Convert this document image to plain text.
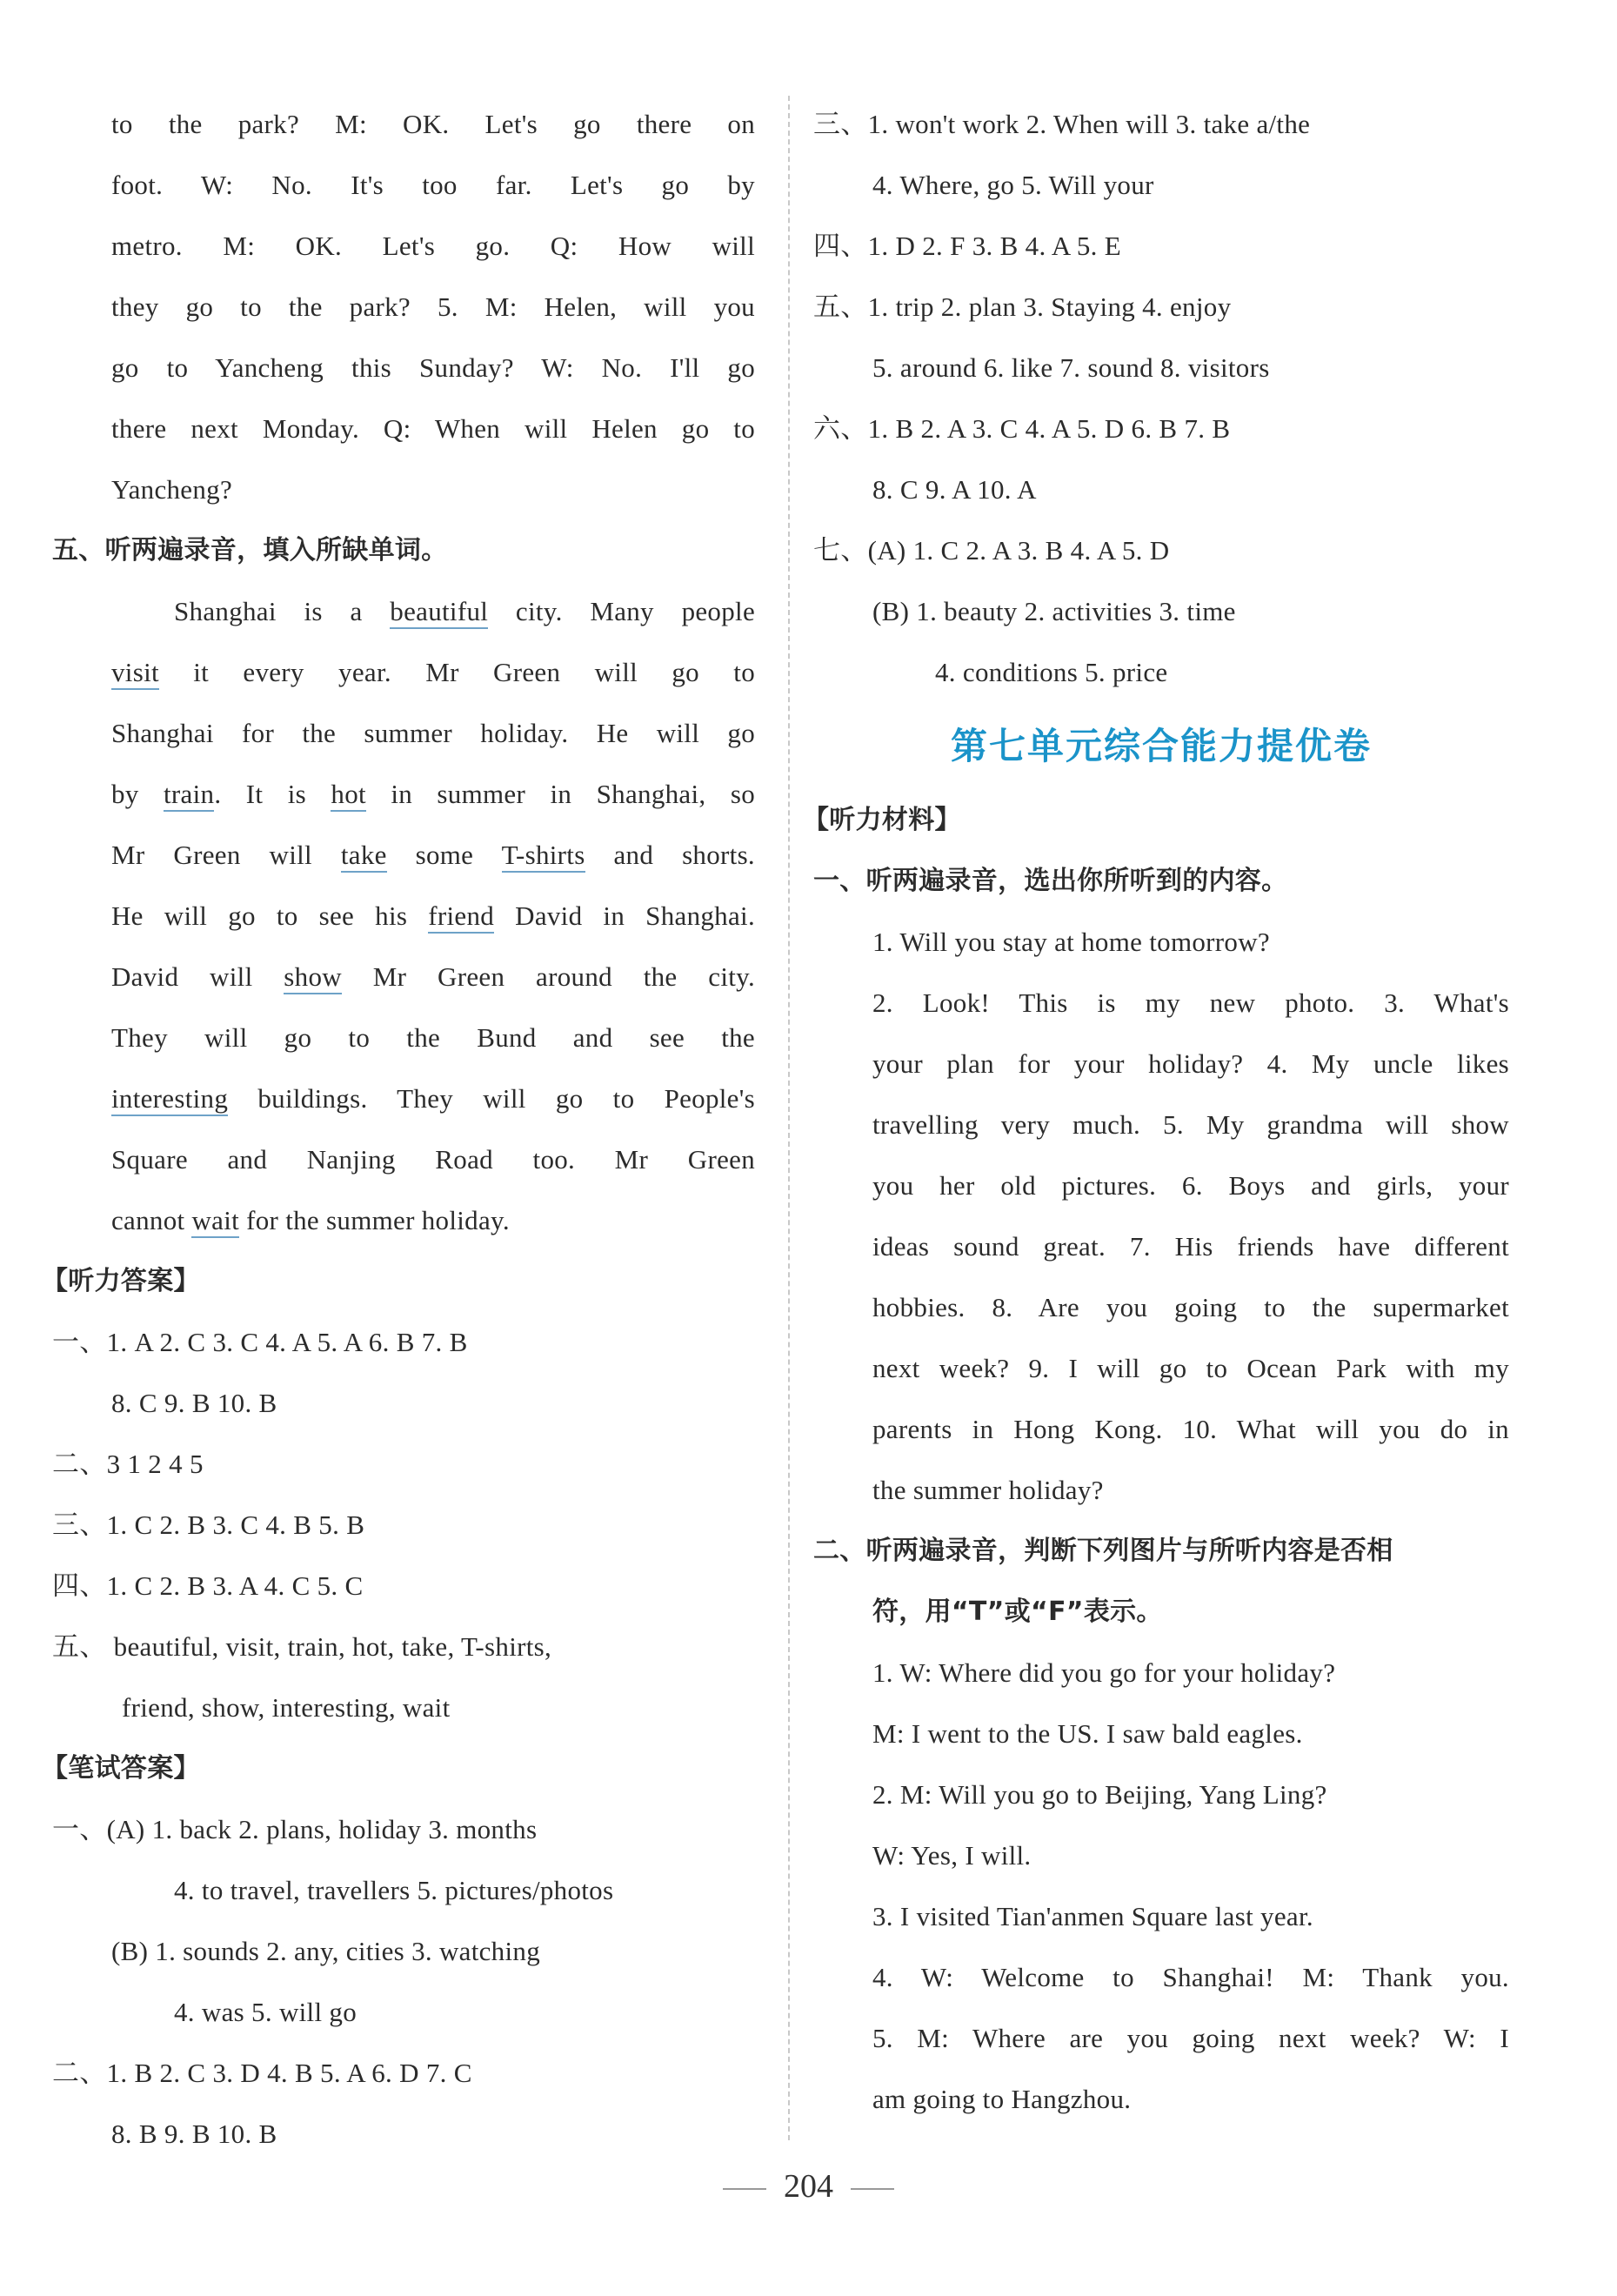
to the park? M: OK. Let's go there on
foot. W: No. It's too far. Let's go by
metro. M: OK. Let's go. Q: How will
they go to the park? 5. M: Helen, will you
go to Yancheng this Sunday? W: No. I'll go
there next Monday. Q: When will Helen go to
Yancheng?
五、听两遍录音，填入所缺单词。
Shanghai is a beautiful city. Many people
visit it every year. Mr Green will go to
Shanghai for the summer holiday. He will go
by train. It is hot in summer in Shanghai, so
Mr Green will take some T-shirts and shorts.
He will go to see his friend David in Shanghai.
David will show Mr Green around the city.
They will go to the Bund and see the
interesting buildings. They will go to People's
Square and Nanjing Road too. Mr Green
cannot wait for the summer holiday.
【听力答案】
一、1. A 2. C 3. C 4. A 5. A 6. B 7. B
8. C 9. B 10. B
二、3 1 2 4 5
三、1. C 2. B 3. C 4. B 5. B
四、1. C 2. B 3. A 4. C 5. C
五、 beautiful, visit, train, hot, take, T-shirts,
friend, show, interesting, wait
【笔试答案】
一、(A) 1. back 2. plans, holiday 3. months
4. to travel, travellers 5. pictures/photos
(B) 1. sounds 2. any, cities 3. watching
4. was 5. will go
二、1. B 2. C 3. D 4. B 5. A 6. D 7. C
8. B 9. B 10. B
三、1. won't work 2. When will 3. take a/the
4. Where, go 5. Will your
四、1. D 2. F 3. B 4. A 5. E
五、1. trip 2. plan 3. Staying 4. enjoy
5. around 6. like 7. sound 8. visitors
六、1. B 2. A 3. C 4. A 5. D 6. B 7. B
8. C 9. A 10. A
七、(A) 1. C 2. A 3. B 4. A 5. D
(B) 1. beauty 2. activities 3. time
4. conditions 5. price
第七单元综合能力提优卷
【听力材料】
一、听两遍录音，选出你所听到的内容。
1. Will you stay at home tomorrow?
2. Look! This is my new photo. 3. What's
your plan for your holiday? 4. My uncle likes
travelling very much. 5. My grandma will show
you her old pictures. 6. Boys and girls, your
ideas sound great. 7. His friends have different
hobbies. 8. Are you going to the supermarket
next week? 9. I will go to Ocean Park with my
parents in Hong Kong. 10. What will you do in
the summer holiday?
二、听两遍录音，判断下列图片与所听内容是否相
符，用“T”或“F”表示。
1. W: Where did you go for your holiday?
M: I went to the US. I saw bald eagles.
2. M: Will you go to Beijing, Yang Ling?
W: Yes, I will.
3. I visited Tian'anmen Square last year.
4. W: Welcome to Shanghai! M: Thank you.
5. M: Where are you going next week? W: I
am going to Hangzhou.
204
